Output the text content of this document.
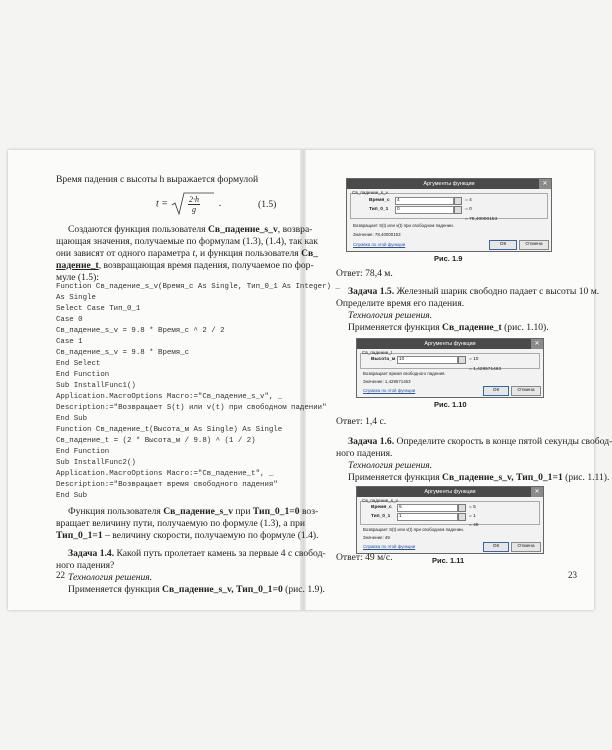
Время падения с высоты h выражается формулой
$t = \frac{2\cdot h}{g}$ .	(1.5)
Создаются функция пользователя Св_падение_s_v, возвра-
щающая значения, получаемые по формулам (1.3), (1.4), так как
они зависят от одного параметра t, и функция пользователя Св_
падение_t, возвращающая время падения, получаемое по фор-
муле (1.5):
Function Св_падение_s_v(Время_с As Single, Тип_0_1 As Integer) _
As Single
Select Case Тип_0_1
Case 0
Св_падение_s_v = 9.8 * Время_с ^ 2 / 2
Case 1
Св_падение_s_v = 9.8 * Время_с
End Select
End Function
Sub InstallFunc1()
Application.MacroOptions Macro:="Св_падение_s_v", _
Description:="Возвращает S(t) или v(t) при свободном падении"
End Sub
Function Св_падение_t(Высота_м As Single) As Single
Св_падение_t = (2 * Высота_м / 9.8) ^ (1 / 2)
End Function
Sub InstallFunc2()
Application.MacroOptions Macro:="Св_падение_t", _
Description:="Возвращает время свободного падения"
End Sub
Функция пользователя Св_падение_s_v при Тип_0_1=0 воз-
вращает величину пути, получаемую по формуле (1.3), а при
Тип_0_1=1 – величину скорости, получаемую по формуле (1.4).
Задача 1.4. Какой путь пролетает камень за первые 4 с свобод-
ного падения?
Технология решения.
Применяется функция Св_падение_s_v, Тип_0_1=0 (рис. 1.9).
22
Аргументы функции	✕
Св_падение_s_v
Время_с	4	= 4
Тип_0_1	0	= 0
= 78,40000153
Возвращает S(t) или v(t) при свободном падении.
Значение: 78,40000153
Справка по этой функции	ОК	Отмена
Рис. 1.9
Ответ: 78,4 м.
Задача 1.5. Железный шарик свободно падает с высоты 10 м.
Определите время его падения.
Технология решения.
Применяется функция Св_падение_t (рис. 1.10).
Аргументы функции	✕
Св_падение_t
Высота_м 10	= 10
= 1,428571463
Возвращает время свободного падения.
Значение: 1,428571463
Справка по этой функции	ОК	Отмена
Рис. 1.10
Ответ: 1,4 с.
Задача 1.6. Определите скорость в конце пятой секунды свобод-
ного падения.
Технология решения.
Применяется функция Св_падение_s_v, Тип_0_1=1 (рис. 1.11).
Аргументы функции	✕
Св_падение_s_v
Время_с	5	= 5
Тип_0_1	1	= 1
= 49
Возвращает S(t) или v(t) при свободном падении.
Значение: 49
Справка по этой функции	ОК	Отмена
Рис. 1.11
Ответ: 49 м/с.
23
